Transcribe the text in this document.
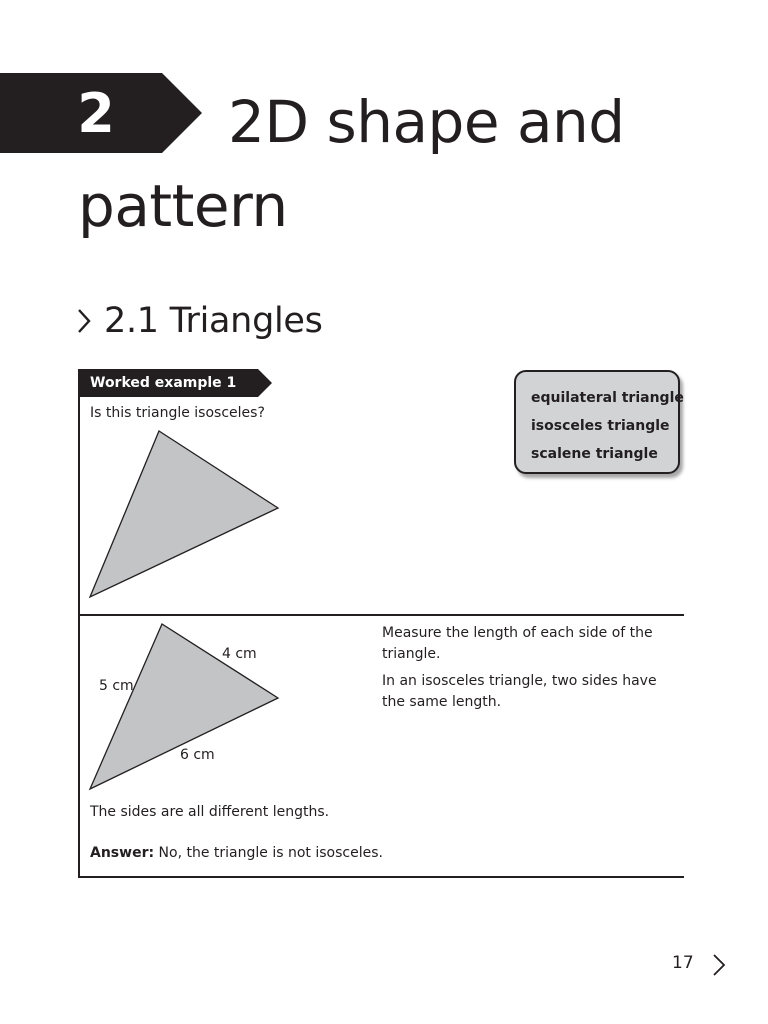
2	2D shape and
pattern
2.1 Triangles
Worked example 1
Is this triangle isosceles?
equilateral triangle
isosceles triangle
scalene triangle
4 cm
5 cm
6 cm
Measure the length of each side of the triangle.
In an isosceles triangle, two sides have the same length.
The sides are all different lengths.
Answer: No, the triangle is not isosceles.
17
